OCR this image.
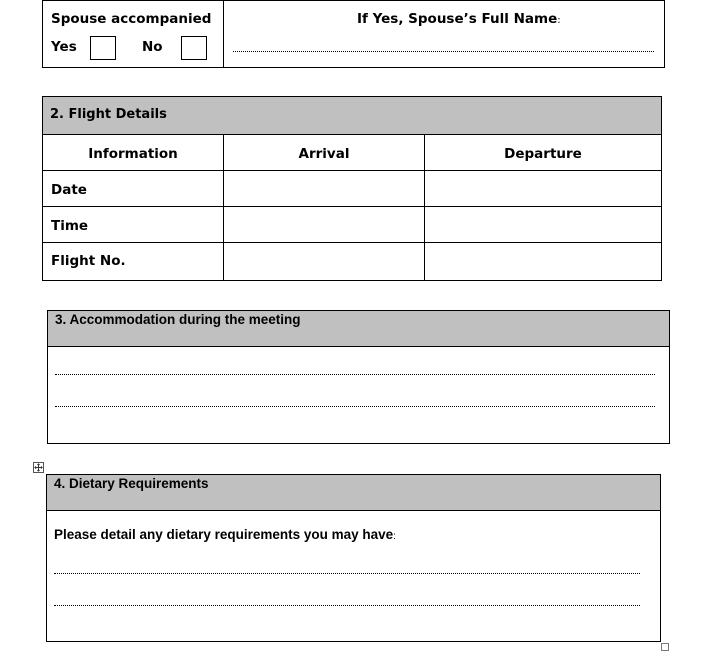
Spouse accompanied
Yes	No
If Yes, Spouse’s Full Name:
2. Flight Details
Information	Arrival	Departure
Date
Time
Flight No.
3. Accommodation during the meeting
4. Dietary Requirements
Please detail any dietary requirements you may have:
